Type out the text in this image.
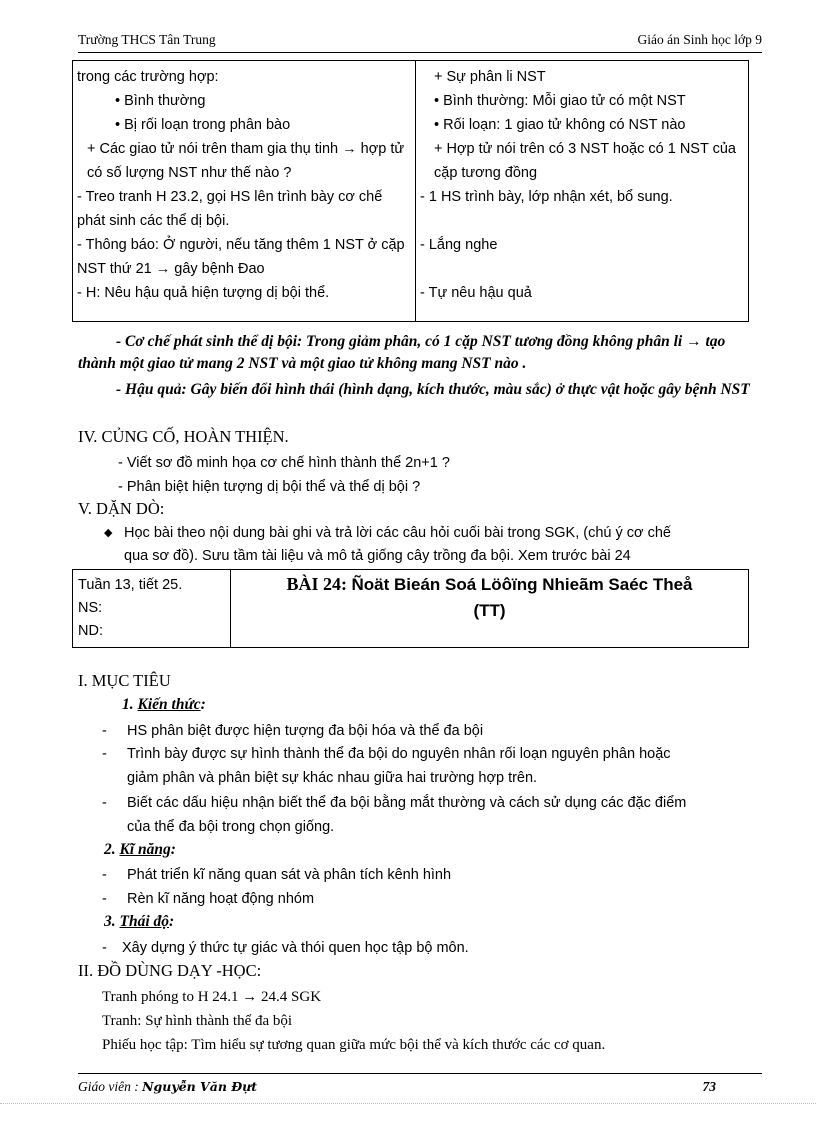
Trường THCS Tân Trung	Giáo án Sinh học lớp 9
trong các trường hợp:
• Bình thường
• Bị rối loạn trong phân bào
+ Các giao tử nói trên tham gia thụ tinh → hợp tử có số lượng NST như thế nào ?
- Treo tranh H 23.2, gọi HS lên trình bày cơ chế phát sinh các thể dị bội.
- Thông báo: Ở người, nếu tăng thêm 1 NST ở cặp NST thứ 21 → gây bệnh Đao
- H: Nêu hậu quả hiện tượng dị bội thể.

+ Sự phân li NST
• Bình thường: Mỗi giao tử có một NST
• Rối loạn: 1 giao tử không có NST nào
+ Hợp tử nói trên có 3 NST hoặc có 1 NST của cặp tương đồng
- 1 HS trình bày, lớp nhận xét, bổ sung.
- Lắng nghe
- Tự nêu hậu quả
- Cơ chế phát sinh thể dị bội: Trong giảm phân, có 1 cặp NST tương đồng không phân li → tạo thành một giao tử mang 2 NST và một giao tử không mang NST nào .
- Hậu quả: Gây biến đổi hình thái (hình dạng, kích thước, màu sắc) ở thực vật hoặc gây bệnh NST
IV. CỦNG CỐ, HOÀN THIỆN.
- Viết sơ đồ minh họa cơ chế hình thành thể 2n+1 ?
- Phân biệt hiện tượng dị bội thể và thể dị bội ?
V. DẶN DÒ:
◆ Học bài theo nội dung bài ghi và trả lời các câu hỏi cuối bài trong SGK, (chú ý cơ chế
qua sơ đồ). Sưu tầm tài liệu và mô tả giống cây trồng đa bội. Xem trước bài 24
Tuần 13, tiết 25.
NS:
ND:

BÀI 24: Ñoät Bieán Soá Löôïng Nhieãm Saéc Theå
(TT)
I. MỤC TIÊU
1. Kiến thức:
- HS phân biệt được hiện tượng đa bội hóa và thể đa bội
- Trình bày được sự hình thành thể đa bội do nguyên nhân rối loạn nguyên phân hoặc
giảm phân và phân biệt sự khác nhau giữa hai trường hợp trên.
- Biết các dấu hiệu nhận biết thể đa bội bằng mắt thường và cách sử dụng các đặc điểm
của thể đa bội trong chọn giống.
2. Kĩ năng:
- Phát triển kĩ năng quan sát và phân tích kênh hình
- Rèn kĩ năng hoạt động nhóm
3. Thái độ:
- Xây dựng ý thức tự giác và thói quen học tập bộ môn.
II. ĐỒ DÙNG DẠY -HỌC:
Tranh phóng to H 24.1 → 24.4 SGK
Tranh: Sự hình thành thể đa bội
Phiếu học tập: Tìm hiểu sự tương quan giữa mức bội thể và kích thước các cơ quan.
Giáo viên : Nguyễn Văn Đựt	73
